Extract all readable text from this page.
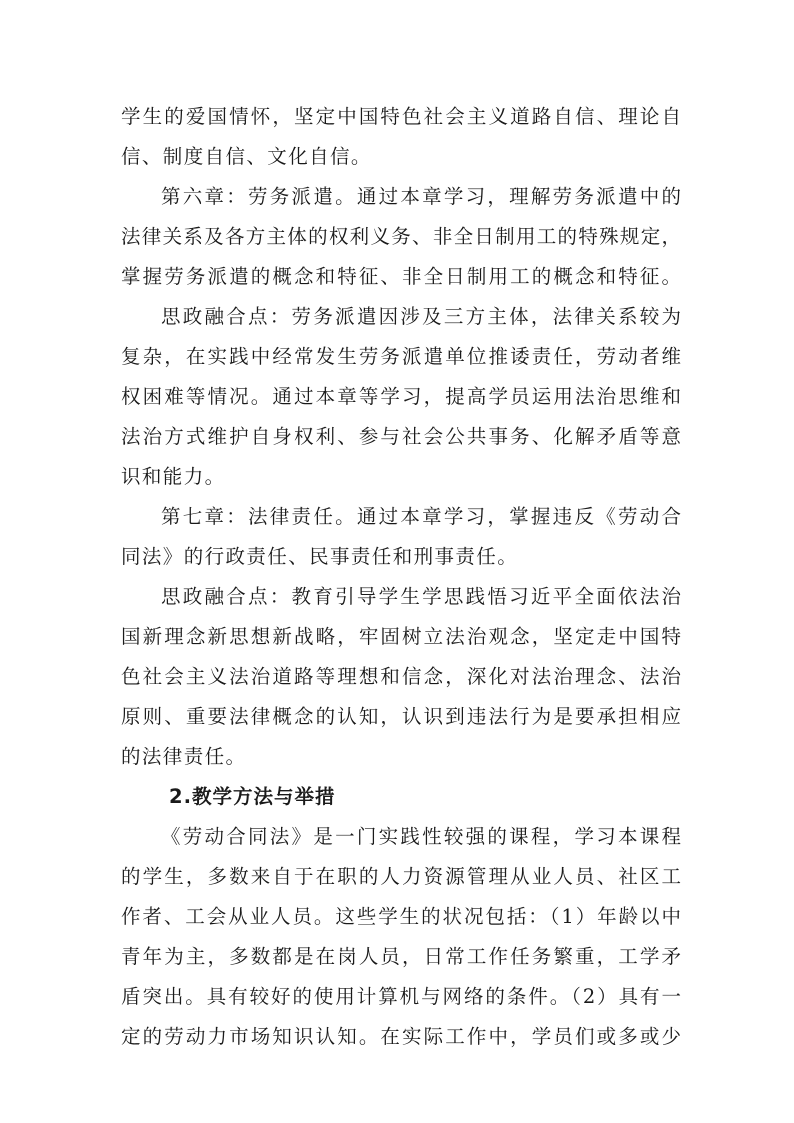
学生的爱国情怀，坚定中国特色社会主义道路自信、理论自
信、制度自信、文化自信。
第六章：劳务派遣。通过本章学习，理解劳务派遣中的
法律关系及各方主体的权利义务、非全日制用工的特殊规定，
掌握劳务派遣的概念和特征、非全日制用工的概念和特征。
思政融合点：劳务派遣因涉及三方主体，法律关系较为
复杂，在实践中经常发生劳务派遣单位推诿责任，劳动者维
权困难等情况。通过本章等学习，提高学员运用法治思维和
法治方式维护自身权利、参与社会公共事务、化解矛盾等意
识和能力。
第七章：法律责任。通过本章学习，掌握违反《劳动合
同法》的行政责任、民事责任和刑事责任。
思政融合点：教育引导学生学思践悟习近平全面依法治
国新理念新思想新战略，牢固树立法治观念，坚定走中国特
色社会主义法治道路等理想和信念，深化对法治理念、法治
原则、重要法律概念的认知，认识到违法行为是要承担相应
的法律责任。
2.教学方法与举措
《劳动合同法》是一门实践性较强的课程，学习本课程
的学生，多数来自于在职的人力资源管理从业人员、社区工
作者、工会从业人员。这些学生的状况包括：（1）年龄以中
青年为主，多数都是在岗人员，日常工作任务繁重，工学矛
盾突出。具有较好的使用计算机与网络的条件。（2）具有一
定的劳动力市场知识认知。在实际工作中，学员们或多或少
